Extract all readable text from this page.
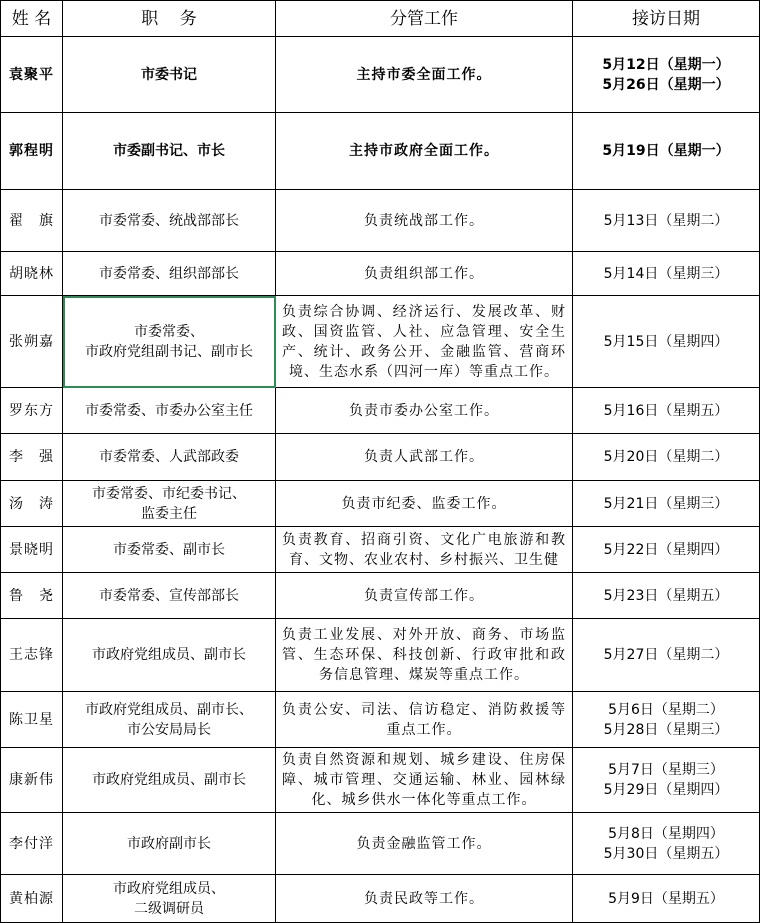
姓 名	职    务	分管工作	接访日期
袁聚平	市委书记	主持市委全面工作。	5月12日（星期一）
5月26日（星期一）

郭程明	市委副书记、市长	主持市政府全面工作。	5月19日（星期一）

翟　旗	市委常委、统战部部长	负责统战部工作。	5月13日（星期二）

胡晓林	市委常委、组织部部长	负责组织部工作。	5月14日（星期三）

张朔嘉	市委常委、
市政府党组副书记、副市长	负责综合协调、经济运行、发展改革、财政、国资监管、人社、应急管理、安全生产、统计、政务公开、金融监管、营商环境、生态水系（四河一库）等重点工作。	5月15日（星期四）

罗东方	市委常委、市委办公室主任	负责市委办公室工作。	5月16日（星期五）

李　强	市委常委、人武部政委	负责人武部工作。	5月20日（星期二）

汤　涛	市委常委、市纪委书记、
监委主任	负责市纪委、监委工作。	5月21日（星期三）

景晓明	市委常委、副市长	负责教育、招商引资、文化广电旅游和教育、文物、农业农村、乡村振兴、卫生健	5月22日（星期四）

鲁　尧	市委常委、宣传部部长	负责宣传部工作。	5月23日（星期五）

王志锋	市政府党组成员、副市长	负责工业发展、对外开放、商务、市场监管、生态环保、科技创新、行政审批和政务信息管理、煤炭等重点工作。	5月27日（星期二）

陈卫星	市政府党组成员、副市长、
市公安局局长	负责公安、司法、信访稳定、消防救援等重点工作。	5月6日（星期二）
5月28日（星期三）

康新伟	市政府党组成员、副市长	负责自然资源和规划、城乡建设、住房保障、城市管理、交通运输、林业、园林绿化、城乡供水一体化等重点工作。	5月7日（星期三）
5月29日（星期四）

李付洋	市政府副市长	负责金融监管工作。	5月8日（星期四）
5月30日（星期五）

黄柏源	市政府党组成员、
二级调研员	负责民政等工作。	5月9日（星期五）
